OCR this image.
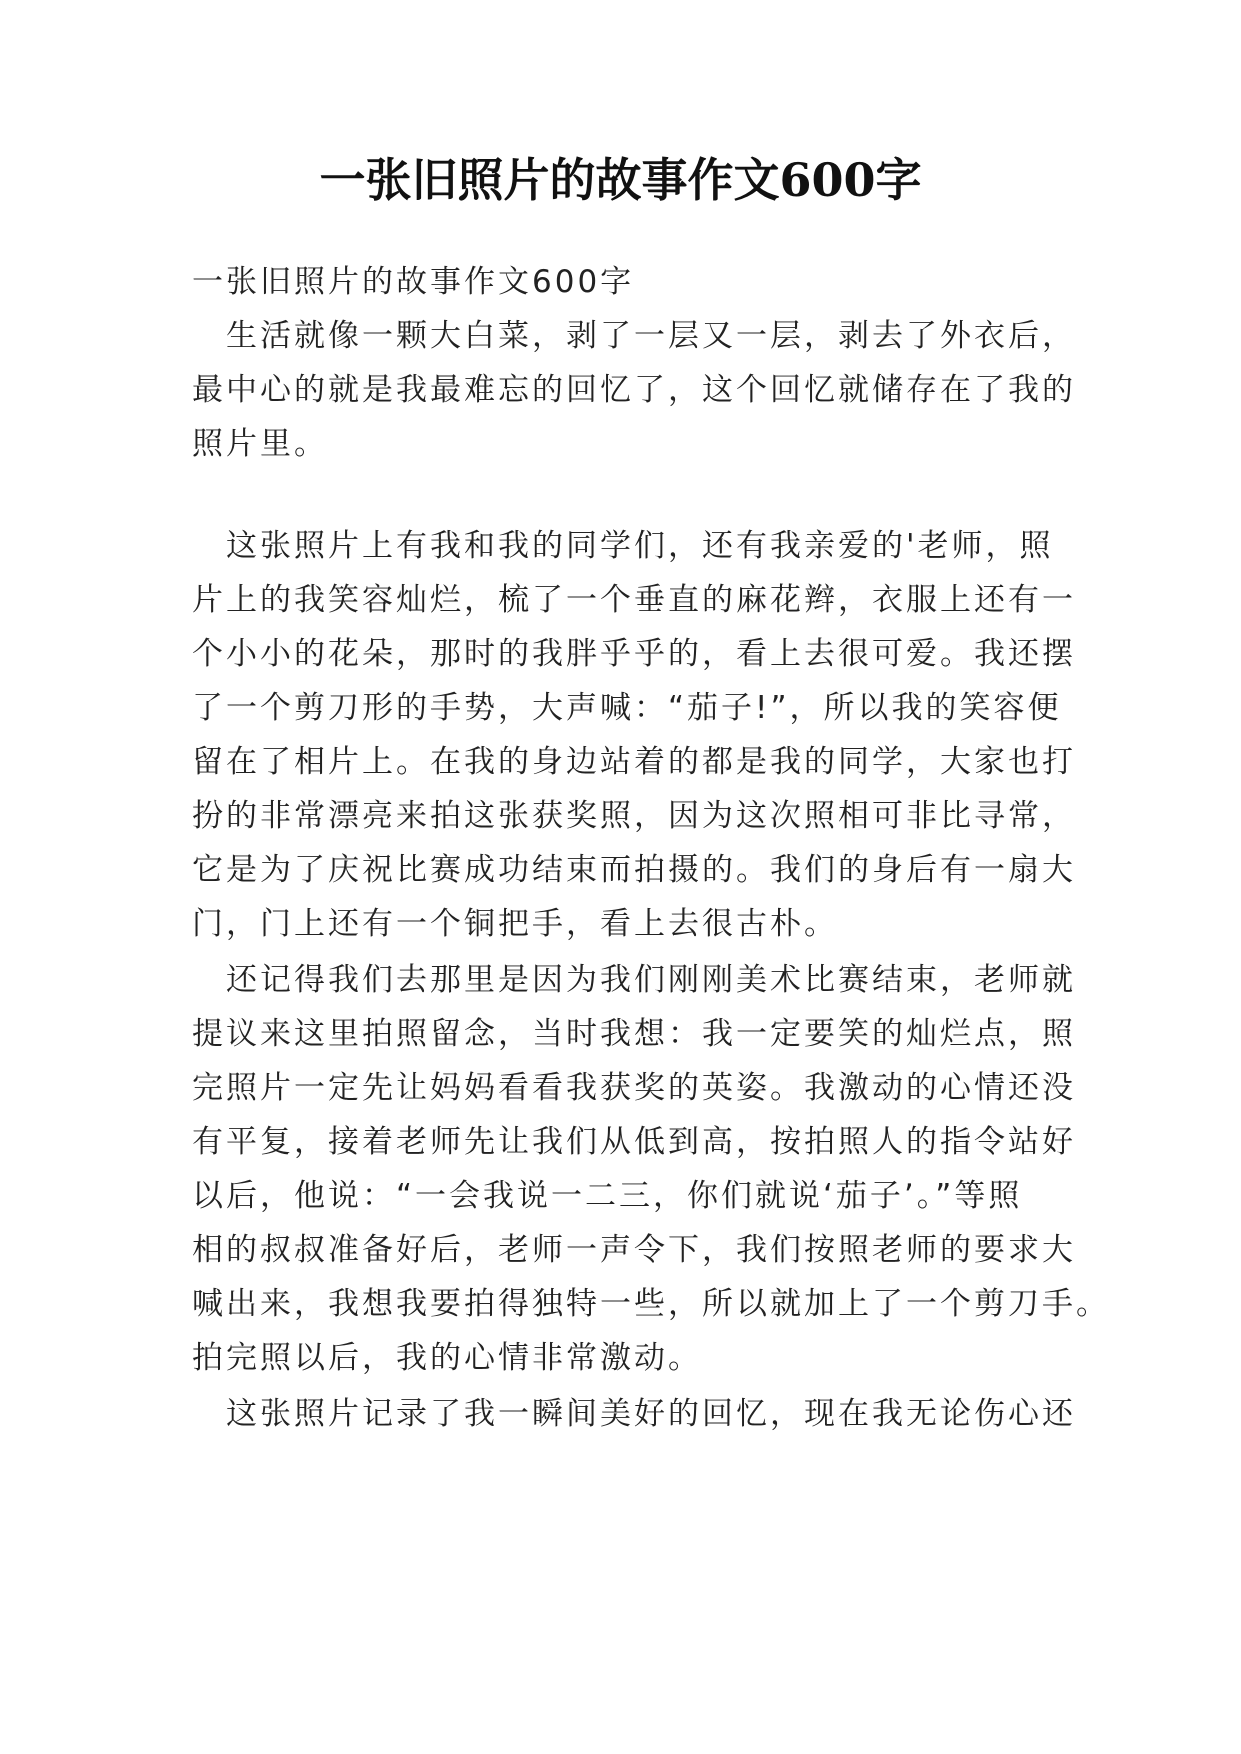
一张旧照片的故事作文600字
一张旧照片的故事作文600字
　生活就像一颗大白菜，剥了一层又一层，剥去了外衣后，
最中心的就是我最难忘的回忆了，这个回忆就储存在了我的
照片里。
　这张照片上有我和我的同学们，还有我亲爱的'老师，照
片上的我笑容灿烂，梳了一个垂直的麻花辫，衣服上还有一
个小小的花朵，那时的我胖乎乎的，看上去很可爱。我还摆
了一个剪刀形的手势，大声喊：“茄子!”，所以我的笑容便
留在了相片上。在我的身边站着的都是我的同学，大家也打
扮的非常漂亮来拍这张获奖照，因为这次照相可非比寻常，
它是为了庆祝比赛成功结束而拍摄的。我们的身后有一扇大
门，门上还有一个铜把手，看上去很古朴。
　还记得我们去那里是因为我们刚刚美术比赛结束，老师就
提议来这里拍照留念，当时我想：我一定要笑的灿烂点，照
完照片一定先让妈妈看看我获奖的英姿。我激动的心情还没
有平复，接着老师先让我们从低到高，按拍照人的指令站好
以后，他说：“一会我说一二三，你们就说‘茄子’。”等照
相的叔叔准备好后，老师一声令下，我们按照老师的要求大
喊出来，我想我要拍得独特一些，所以就加上了一个剪刀手。
拍完照以后，我的心情非常激动。
　这张照片记录了我一瞬间美好的回忆，现在我无论伤心还
